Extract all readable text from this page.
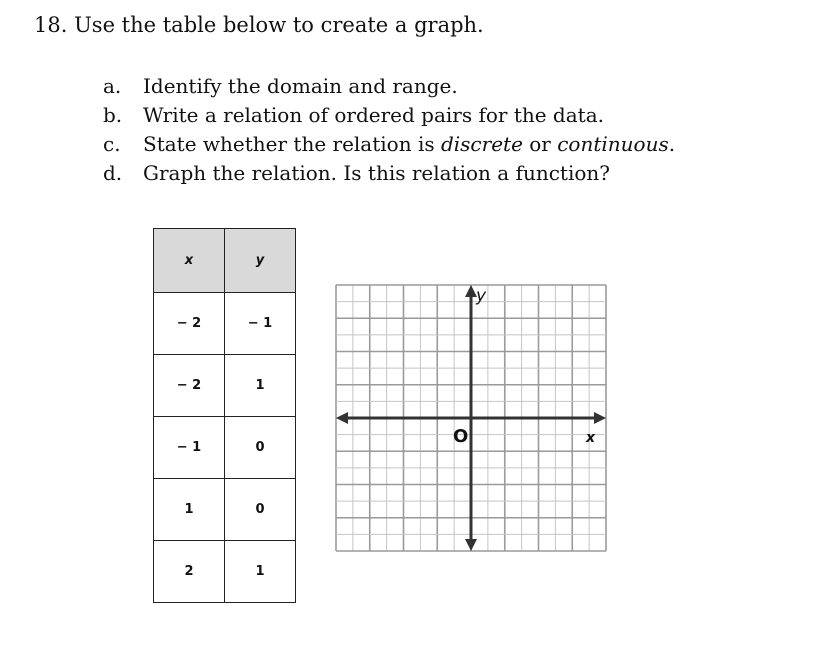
18. Use the table below to create a graph.
a. Identify the domain and range.
b. Write a relation of ordered pairs for the data.
c. State whether the relation is discrete or continuous.
d. Graph the relation. Is this relation a function?
x	y
− 2	− 1
− 2	1
− 1	0
1	0
2	1
O	x
y
